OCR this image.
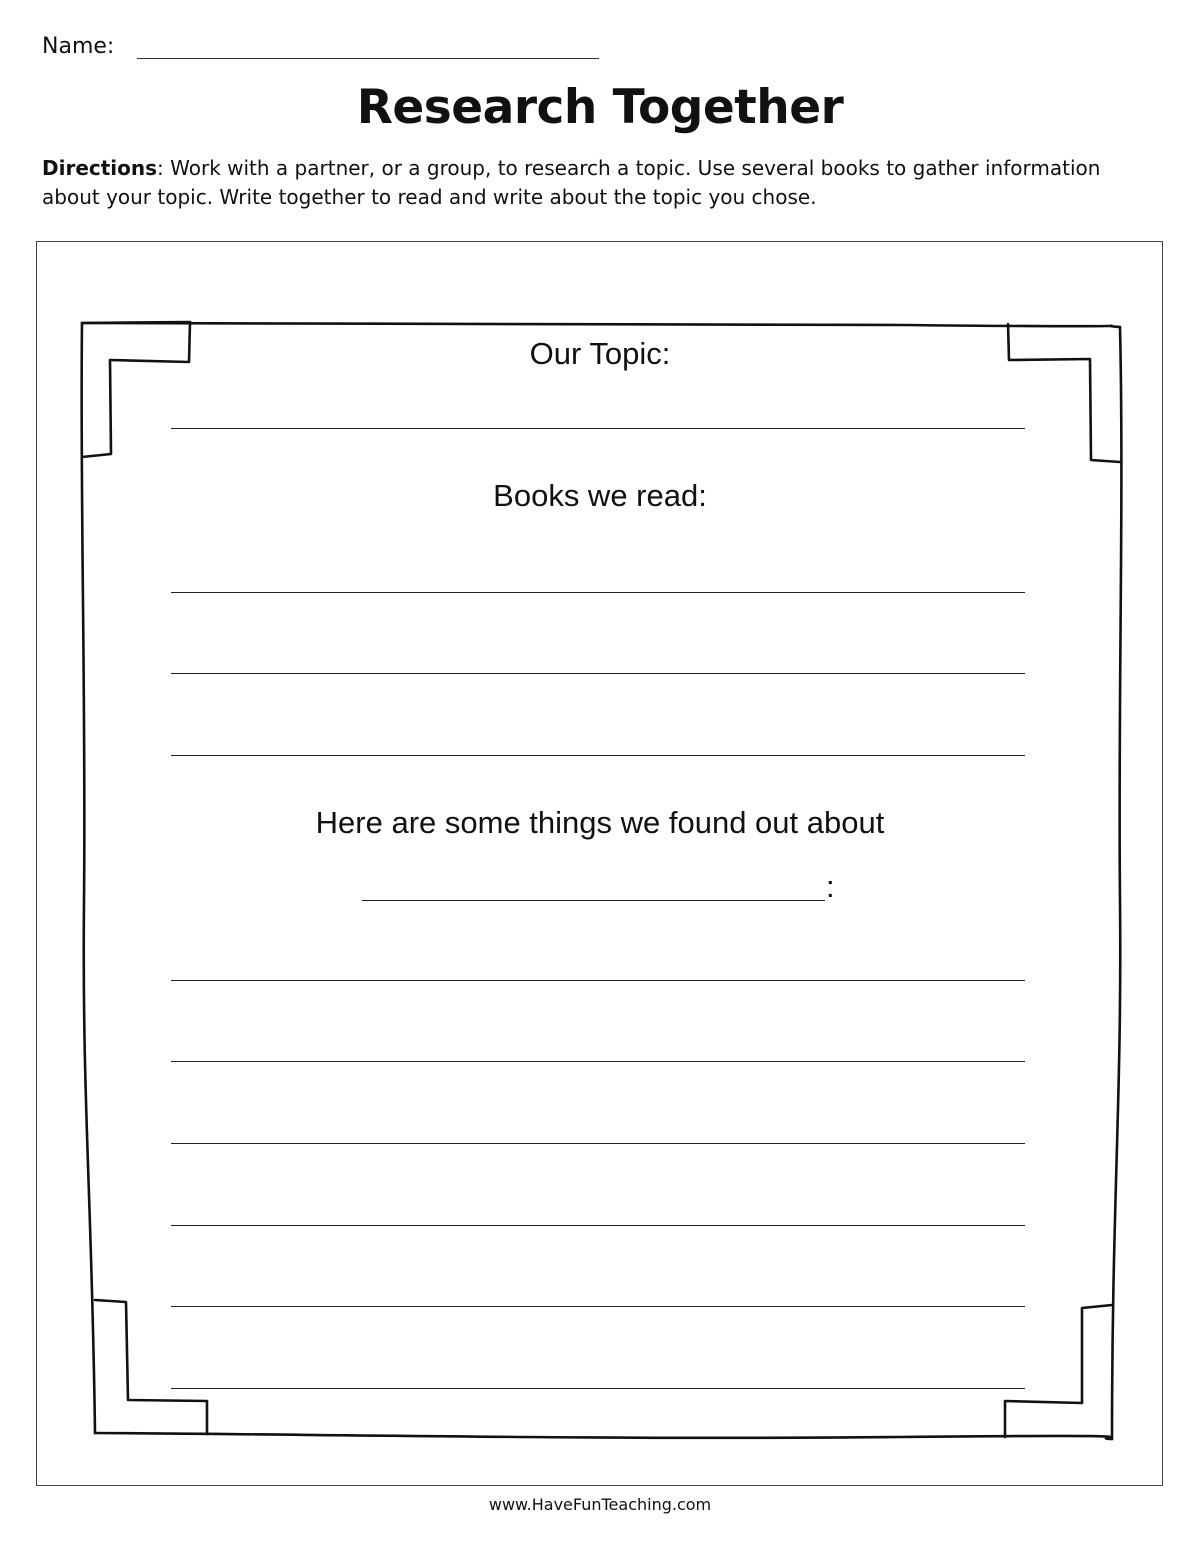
Name:
Research Together
Directions: Work with a partner, or a group, to research a topic. Use several books to gather information about your topic. Write together to read and write about the topic you chose.
Our Topic:
Books we read:
Here are some things we found out about
:
www.HaveFunTeaching.com
